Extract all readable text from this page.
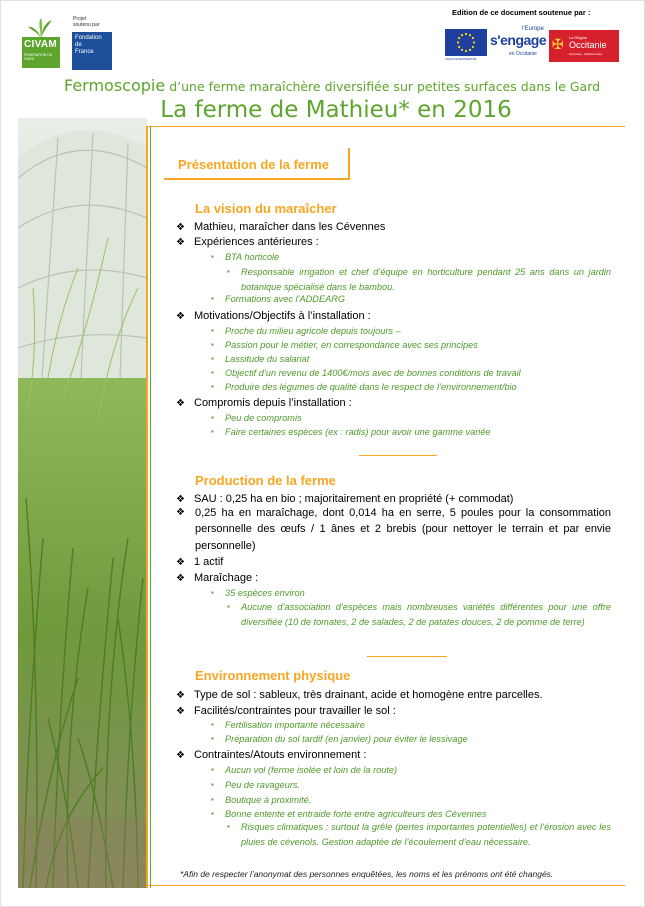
Edition de ce document soutenue par :
CIVAM
FEDERATION DU GARD
Projet
soutenu par
Fondation
de
France
UNION EUROPÉENNE
l'Europe
s'engage
en Occitanie
✠ La Région
Occitanie
Pyrénées · Méditerranée
Fermoscopie d’une ferme maraîchère diversifiée sur petites surfaces dans le Gard
La ferme de Mathieu* en 2016
Présentation de la ferme
La vision du maraîcher
❖ Mathieu, maraîcher dans les Cévennes
❖ Expériences antérieures :
▪ BTA horticole
▪ Responsable irrigation et chef d’équipe en horticulture pendant 25 ans dans un jardin botanique spécialisé dans le bambou.
▪ Formations avec l’ADDEARG
❖ Motivations/Objectifs à l’installation :
▪ Proche du milieu agricole depuis toujours –
▪ Passion pour le métier, en correspondance avec ses principes
▪ Lassitude du salariat
▪ Objectif d’un revenu de 1400€/mois avec de bonnes conditions de travail
▪ Produire des légumes de qualité dans le respect de l’environnement/bio
❖ Compromis depuis l’installation :
▪ Peu de compromis
▪ Faire certaines espèces (ex : radis) pour avoir une gamme variée
Production de la ferme
❖ SAU : 0,25 ha en bio ; majoritairement en propriété (+ commodat)
❖ 0,25 ha en maraîchage, dont 0,014 ha en serre, 5 poules pour la consommation personnelle des œufs / 1 ânes et 2 brebis (pour nettoyer le terrain et par envie personnelle)
❖ 1 actif
❖ Maraîchage :
▪ 35 espèces environ
▪ Aucune d’association d’espèces mais nombreuses variétés différentes pour une offre diversifiée (10 de tomates, 2 de salades, 2 de patates douces, 2 de pomme de terre)
Environnement physique
❖ Type de sol : sableux, très drainant, acide et homogène entre parcelles.
❖ Facilités/contraintes pour travailler le sol :
▪ Fertilisation importante nécessaire
▪ Préparation du sol tardif (en janvier) pour éviter le lessivage
❖ Contraintes/Atouts environnement :
▪ Aucun vol (ferme isolée et loin de la route)
▪ Peu de ravageurs.
▪ Boutique à proximité.
▪ Bonne entente et entraide forte entre agriculteurs des Cévennes
▪ Risques climatiques : surtout la grêle (pertes importantes potentielles) et l’érosion avec les pluies de cévenols. Gestion adaptée de l’écoulement d’eau nécessaire.
*Afin de respecter l’anonymat des personnes enquêtées, les noms et les prénoms ont été changés.
